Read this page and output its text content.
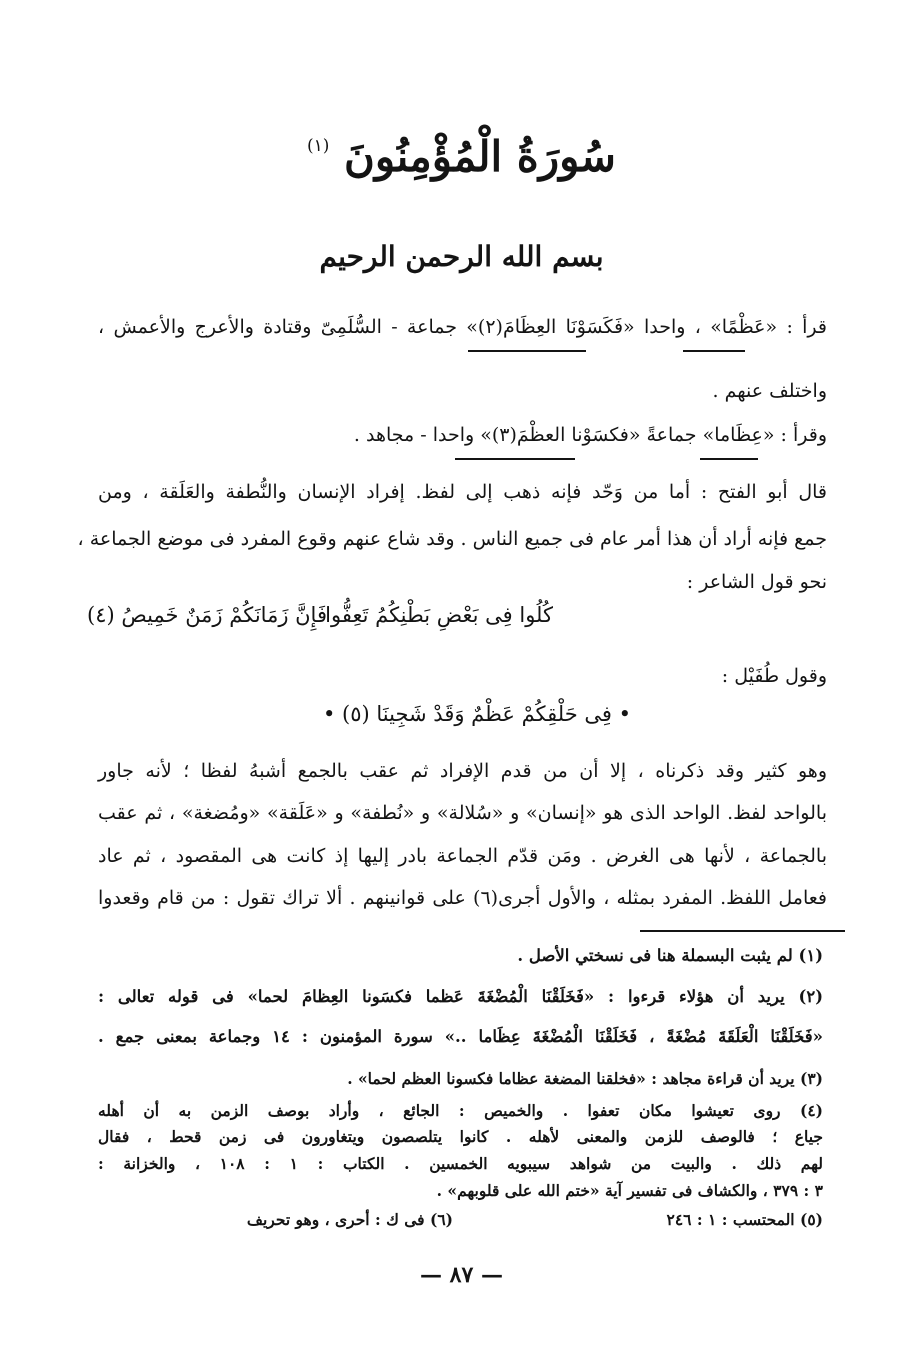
سُورَةُ الْمُؤْمِنُونَ $^{(١)}$
بسم الله الرحمن الرحيم
قرأ : «عَظْمًا» ، واحدا «فَكَسَوْنَا العِظَامَ(٢)» جماعة - السُّلَمِىّ وقتادة والأعرج والأعمش ،
واختلف عنهم .
وقرأ : «عِظَاما» جماعةً «فكسَوْنا العظْمَ(٣)» واحدا - مجاهد .
قال أبو الفتح : أما من وَحّد فإنه ذهب إلى لفظ. إفراد الإنسان والنُّطفة والعَلَقة ، ومن
جمع فإنه أراد أن هذا أمر عام فى جميع الناس . وقد شاع عنهم وقوع المفرد فى موضع الجماعة ،
نحو قول الشاعر :
كُلُوا فِى بَعْضِ بَطْنِكُمُ تَعِفُّوا
فَإِنَّ زَمَانَكُمْ زَمَنٌ خَمِيصُ (٤)
وقول طُفَيْل :
• فِى حَلْقِكُمْ عَظْمٌ وَقَدْ شَجِينَا (٥) •
وهو كثير وقد ذكرناه ، إلا أن من قدم الإفراد ثم عقب بالجمع أشبهُ لفظا ؛ لأنه جاور
بالواحد لفظ. الواحد الذى هو «إنسان» و «سُلالة» و «نُطفة» و «عَلَقة» «ومُضغة» ، ثم عقب
بالجماعة ، لأنها هى الغرض . ومَن قدّم الجماعة بادر إليها إذ كانت هى المقصود ، ثم عاد
فعامل اللفظ. المفرد بمثله ، والأول أجرى(٦) على قوانينهم . ألا تراك تقول : من قام وقعدوا
(١) لم يثبت البسملة هنا فى نسختي الأصل .
(٢) يريد أن هؤلاء قرءوا : «فَخَلَقْنَا الْمُضْغَةَ عَظما فكسَونا العِظامَ لحما» فى قوله تعالى :
«فَخَلَقْنَا الْعَلَقَةَ مُضْغَةً ، فَخَلَقْنَا الْمُضْغَةَ عِظَاما ..» سورة المؤمنون : ١٤ وجماعة بمعنى جمع .
(٣) يريد أن قراءة مجاهد : «فخلقنا المضغة عظاما فكسونا العظم لحما» .
(٤) روى تعيشوا مكان تعفوا . والخميص : الجائع ، وأراد بوصف الزمن به أن أهله
جياع ؛ فالوصف للزمن والمعنى لأهله . كانوا يتلصصون ويتغاورون فى زمن قحط ، فقال
لهم ذلك . والبيت من شواهد سيبويه الخمسين . الكتاب : ١ : ١٠٨ ، والخزانة :
٣ : ٣٧٩ ، والكشاف فى تفسير آية «ختم الله على قلوبهم» .
(٥) المحتسب : ١ : ٢٤٦
(٦) فى ك : أحرى ، وهو تحريف
— ٨٧ —
